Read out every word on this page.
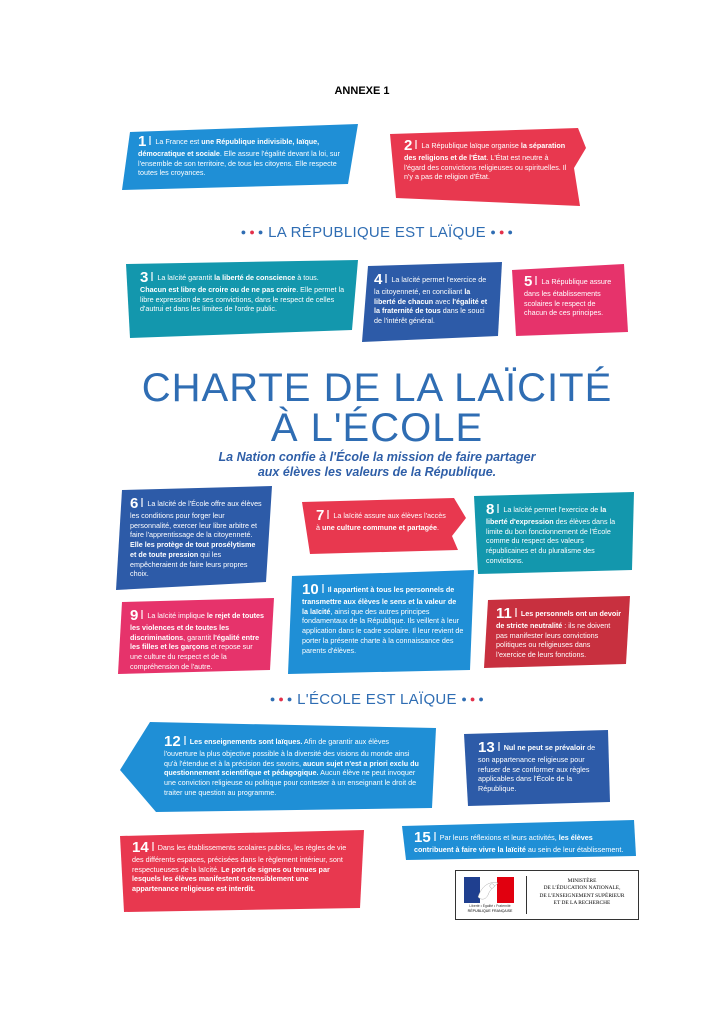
ANNEXE 1
1 La France est une République indivisible, laïque, démocratique et sociale. Elle assure l'égalité devant la loi, sur l'ensemble de son territoire, de tous les citoyens. Elle respecte toutes les croyances.
2 La République laïque organise la séparation des religions et de l'État. L'État est neutre à l'égard des convictions religieuses ou spirituelles. Il n'y a pas de religion d'État.
● ● ● LA RÉPUBLIQUE EST LAÏQUE ● ● ●
3 La laïcité garantit la liberté de conscience à tous. Chacun est libre de croire ou de ne pas croire. Elle permet la libre expression de ses convictions, dans le respect de celles d'autrui et dans les limites de l'ordre public.
4 La laïcité permet l'exercice de la citoyenneté, en conciliant la liberté de chacun avec l'égalité et la fraternité de tous dans le souci de l'intérêt général.
5 La République assure dans les établissements scolaires le respect de chacun de ces principes.
CHARTE DE LA LAÏCITÉ
À L'ÉCOLE
La Nation confie à l'École la mission de faire partager
aux élèves les valeurs de la République.
6 La laïcité de l'École offre aux élèves les conditions pour forger leur personnalité, exercer leur libre arbitre et faire l'apprentissage de la citoyenneté. Elle les protège de tout prosélytisme et de toute pression qui les empêcheraient de faire leurs propres choix.
7 La laïcité assure aux élèves l'accès à une culture commune et partagée.
8 La laïcité permet l'exercice de la liberté d'expression des élèves dans la limite du bon fonctionnement de l'École comme du respect des valeurs républicaines et du pluralisme des convictions.
9 La laïcité implique le rejet de toutes les violences et de toutes les discriminations, garantit l'égalité entre les filles et les garçons et repose sur une culture du respect et de la compréhension de l'autre.
10 Il appartient à tous les personnels de transmettre aux élèves le sens et la valeur de la laïcité, ainsi que des autres principes fondamentaux de la République. Ils veillent à leur application dans le cadre scolaire. Il leur revient de porter la présente charte à la connaissance des parents d'élèves.
11 Les personnels ont un devoir de stricte neutralité : ils ne doivent pas manifester leurs convictions politiques ou religieuses dans l'exercice de leurs fonctions.
● ● ● L'ÉCOLE EST LAÏQUE ● ● ●
12 Les enseignements sont laïques. Afin de garantir aux élèves l'ouverture la plus objective possible à la diversité des visions du monde ainsi qu'à l'étendue et à la précision des savoirs, aucun sujet n'est a priori exclu du questionnement scientifique et pédagogique. Aucun élève ne peut invoquer une conviction religieuse ou politique pour contester à un enseignant le droit de traiter une question au programme.
13 Nul ne peut se prévaloir de son appartenance religieuse pour refuser de se conformer aux règles applicables dans l'École de la République.
14 Dans les établissements scolaires publics, les règles de vie des différents espaces, précisées dans le règlement intérieur, sont respectueuses de la laïcité. Le port de signes ou tenues par lesquels les élèves manifestent ostensiblement une appartenance religieuse est interdit.
15 Par leurs réflexions et leurs activités, les élèves contribuent à faire vivre la laïcité au sein de leur établissement.
Liberté • Égalité • Fraternité
RÉPUBLIQUE FRANÇAISE
MINISTÈRE
DE L'ÉDUCATION NATIONALE,
DE L'ENSEIGNEMENT SUPÉRIEUR
ET DE LA RECHERCHE
